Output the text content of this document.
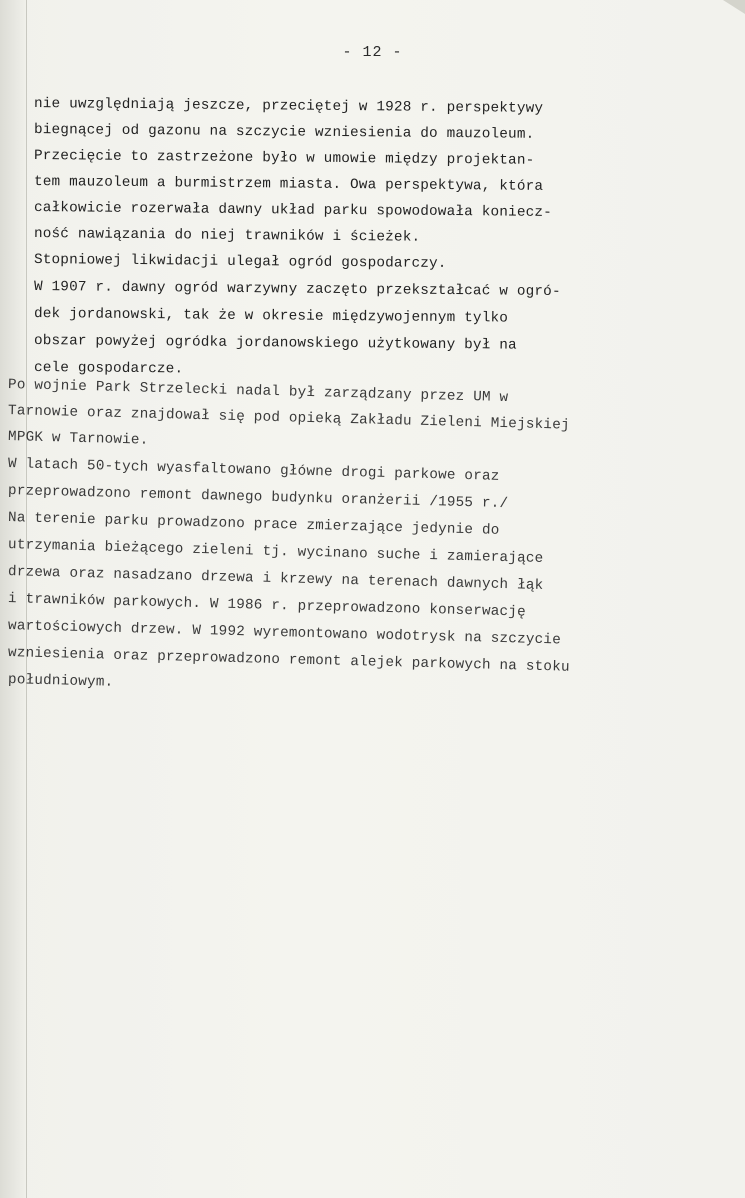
- 12 -
nie uwzględniają jeszcze, przeciętej w 1928 r. perspektywy
biegnącej od gazonu na szczycie wzniesienia do mauzoleum.
Przecięcie to zastrzeżone było w umowie między projektan-
tem mauzoleum a burmistrzem miasta. Owa perspektywa, która
całkowicie rozerwała dawny układ parku spowodowała koniecz-
ność nawiązania do niej trawników i ścieżek.
Stopniowej likwidacji ulegał ogród gospodarczy.
W 1907 r. dawny ogród warzywny zaczęto przekształcać w ogró-
dek jordanowski, tak że w okresie międzywojennym tylko
obszar powyżej ogródka jordanowskiego użytkowany był na
cele gospodarcze.
Po wojnie Park Strzelecki nadal był zarządzany przez UM w
Tarnowie oraz znajdował się pod opieką Zakładu Zieleni Miejskiej
MPGK w Tarnowie.
W latach 50-tych wyasfaltowano główne drogi parkowe oraz
przeprowadzono remont dawnego budynku oranżerii /1955 r./
Na terenie parku prowadzono prace zmierzające jedynie do
utrzymania bieżącego zieleni tj. wycinano suche i zamierające
drzewa oraz nasadzano drzewa i krzewy na terenach dawnych łąk
i trawników parkowych. W 1986 r. przeprowadzono konserwację
wartościowych drzew. W 1992 wyremontowano wodotrysk na szczycie
wzniesienia oraz przeprowadzono remont alejek parkowych na stoku
południowym.
